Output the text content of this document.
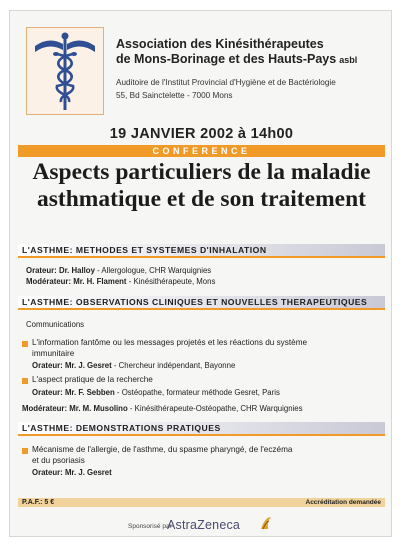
Association des Kinésithérapeutes
de Mons-Borinage et des Hauts-Pays asbl
Auditoire de l'Institut Provincial d'Hygiène et de Bactériologie
55, Bd Sainctelette - 7000 Mons
19 JANVIER 2002 à 14h00
CONFERENCE
Aspects particuliers de la maladie
asthmatique et de son traitement
L'ASTHME: METHODES ET SYSTEMES D'INHALATION
Orateur: Dr. Halloy - Allergologue, CHR Warquignies
Modérateur: Mr. H. Flament - Kinésithérapeute, Mons
L'ASTHME: OBSERVATIONS CLINIQUES ET NOUVELLES THERAPEUTIQUES
Communications
L'information fantôme ou les messages projetés et les réactions du système
immunitaire
Orateur: Mr. J. Gesret - Chercheur indépendant, Bayonne
L'aspect pratique de la recherche
Orateur: Mr. F. Sebben - Ostéopathe, formateur méthode Gesret, Paris
Modérateur: Mr. M. Musolino - Kinésithérapeute-Ostéopathe, CHR Warquignies
L'ASTHME: DEMONSTRATIONS PRATIQUES
Mécanisme de l'allergie, de l'asthme, du spasme pharyngé, de l'eczéma
et du psoriasis
Orateur: Mr. J. Gesret
P.A.F.: 5 €	Accréditation demandée
Sponsorisé par
AstraZeneca
